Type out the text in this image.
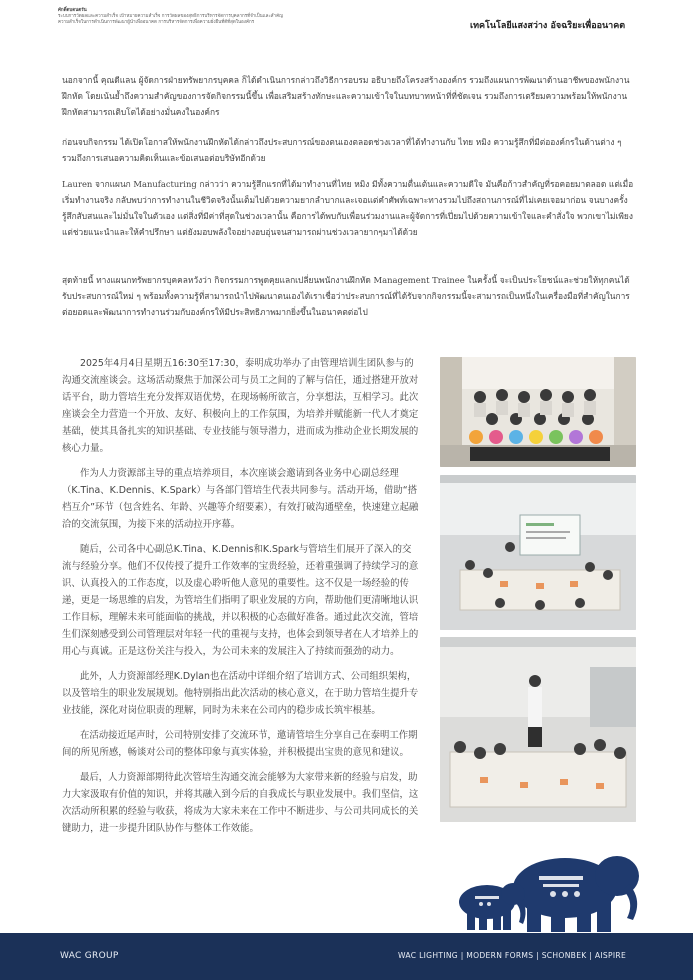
ศักดิ์ดบดนตรัน
ระบบการวัดผลและความสำเร็จ เป้าหมายความสำเร็จ การวัดผลของสุทธิการบริหารจัดการบุคลากรที่จำเป็นและสำคัญ
ความสำเร็จในการดำเนินการพัฒนาผู้นำเพื่ออนาคต การบริหารจัดการเพื่อความยั่งยืนที่ดีที่สุดในองค์กร	เทคโนโลยีแสงสว่าง อัจฉริยะเพื่ออนาคต

นอกจากนี้ คุณดีแลน ผู้จัดการฝ่ายทรัพยากรบุคคล ก็ได้ดำเนินการกล่าวถึงวิธีการอบรม อธิบายถึงโครงสร้างองค์กร รวมถึงแผนการพัฒนาด้านอาชีพของพนักงานฝึกหัด โดยเน้นย้ำถึงความสำคัญของการจัดกิจกรรมนี้ขึ้น เพื่อเสริมสร้างทักษะและความเข้าใจในบทบาทหน้าที่ที่ชัดเจน รวมถึงการเตรียมความพร้อมให้พนักงานฝึกหัดสามารถเติบโตได้อย่างมั่นคงในองค์กร

ก่อนจบกิจกรรม ได้เปิดโอกาสให้พนักงานฝึกหัดได้กล่าวถึงประสบการณ์ของตนเองตลอดช่วงเวลาที่ได้ทำงานกับ ไทย หมิง ความรู้สึกที่มีต่อองค์กรในด้านต่าง ๆ รวมถึงการเสนอความคิดเห็นและข้อเสนอต่อบริษัทอีกด้วย

Lauren จากแผนก Manufacturing กล่าวว่า ความรู้สึกแรกที่ได้มาทำงานที่ไทย หมิง มีทั้งความตื่นเต้นและความดีใจ มันคือก้าวสำคัญที่รอคอยมาตลอด แต่เมื่อเริ่มทำงานจริง กลับพบว่าการทำงานในชีวิตจริงนั้นเต็มไปด้วยความยากลำบากและเจอแต่คำศัพท์เฉพาะทางรวมไปถึงสถานการณ์ที่ไม่เคยเจอมาก่อน จนบางครั้งรู้สึกสับสนและไม่มั่นใจในตัวเอง แต่สิ่งที่มีค่าที่สุดในช่วงเวลานั้น คือการได้พบกับเพื่อนร่วมงานและผู้จัดการที่เปี่ยมไปด้วยความเข้าใจและคำสั่งใจ พวกเขาไม่เพียงแต่ช่วยแนะนำและให้คำปรึกษา แต่ยังมอบพลังใจอย่างอบอุ่นจนสามารถผ่านช่วงเวลายากๆมาได้ด้วย

สุดท้ายนี้ ทางแผนกทรัพยากรบุคคลหวังว่า กิจกรรมการพูดคุยแลกเปลี่ยนพนักงานฝึกหัด Management Trainee ในครั้งนี้ จะเป็นประโยชน์และช่วยให้ทุกคนได้รับประสบการณ์ใหม่ ๆ พร้อมทั้งความรู้ที่สามารถนำไปพัฒนาตนเองได้เราเชื่อว่าประสบการณ์ที่ได้รับจากกิจกรรมนี้จะสามารถเป็นหนึ่งในเครื่องมือที่สำคัญในการต่อยอดและพัฒนาการทำงานร่วมกับองค์กรให้มีประสิทธิภาพมากยิ่งขึ้นในอนาคตต่อไป

2025年4月4日星期五16:30至17:30，泰明成功举办了由管理培训生团队参与的沟通交流座谈会。这场活动聚焦于加深公司与员工之间的了解与信任，通过搭建开放对话平台，助力管培生充分发挥双语优势，在现场畅所欲言，分享想法，互相学习。此次座谈会全力营造一个开放、友好、积极向上的工作氛围，为培养并赋能新一代人才奠定基础，使其具备扎实的知识基础、专业技能与领导潜力，进而成为推动企业长期发展的核心力量。

作为人力资源部主导的重点培养项目，本次座谈会邀请到各业务中心副总经理（K.Tina、K.Dennis、K.Spark）与各部门管培生代表共同参与。活动开场，借助“搭档互介”环节（包含姓名、年龄、兴趣等介绍要素），有效打破沟通壁垒，快速建立起融洽的交流氛围，为接下来的活动拉开序幕。

随后，公司各中心副总K.Tina、K.Dennis和K.Spark与管培生们展开了深入的交流与经验分享。他们不仅传授了提升工作效率的宝贵经验，还着重强调了持续学习的意识、认真投入的工作态度，以及虚心聆听他人意见的重要性。这不仅是一场经验的传递，更是一场思维的启发，为管培生们指明了职业发展的方向，帮助他们更清晰地认识工作目标，理解未来可能面临的挑战，并以积极的心态做好准备。通过此次交流，管培生们深刻感受到公司管理层对年轻一代的重视与支持，也体会到领导者在人才培养上的用心与真诚。正是这份关注与投入，为公司未来的发展注入了持续而强劲的动力。

此外，人力资源部经理K.Dylan也在活动中详细介绍了培训方式、公司组织架构，以及管培生的职业发展规划。他特别指出此次活动的核心意义，在于助力管培生提升专业技能，深化对岗位职责的理解，同时为未来在公司内的稳步成长筑牢根基。

在活动接近尾声时，公司特别安排了交流环节，邀请管培生分享自己在泰明工作期间的所见所感，畅谈对公司的整体印象与真实体验，并积极提出宝贵的意见和建议。

最后，人力资源部期待此次管培生沟通交流会能够为大家带来新的经验与启发，助力大家汲取有价值的知识，并将其融入到今后的自我成长与职业发展中。我们坚信，这次活动所积累的经验与收获，将成为大家未来在工作中不断进步、与公司共同成长的关键助力，进一步提升团队协作与整体工作效能。

WAC GROUP	WAC LIGHTING | MODERN FORMS | SCHONBEK | AISPIRE
